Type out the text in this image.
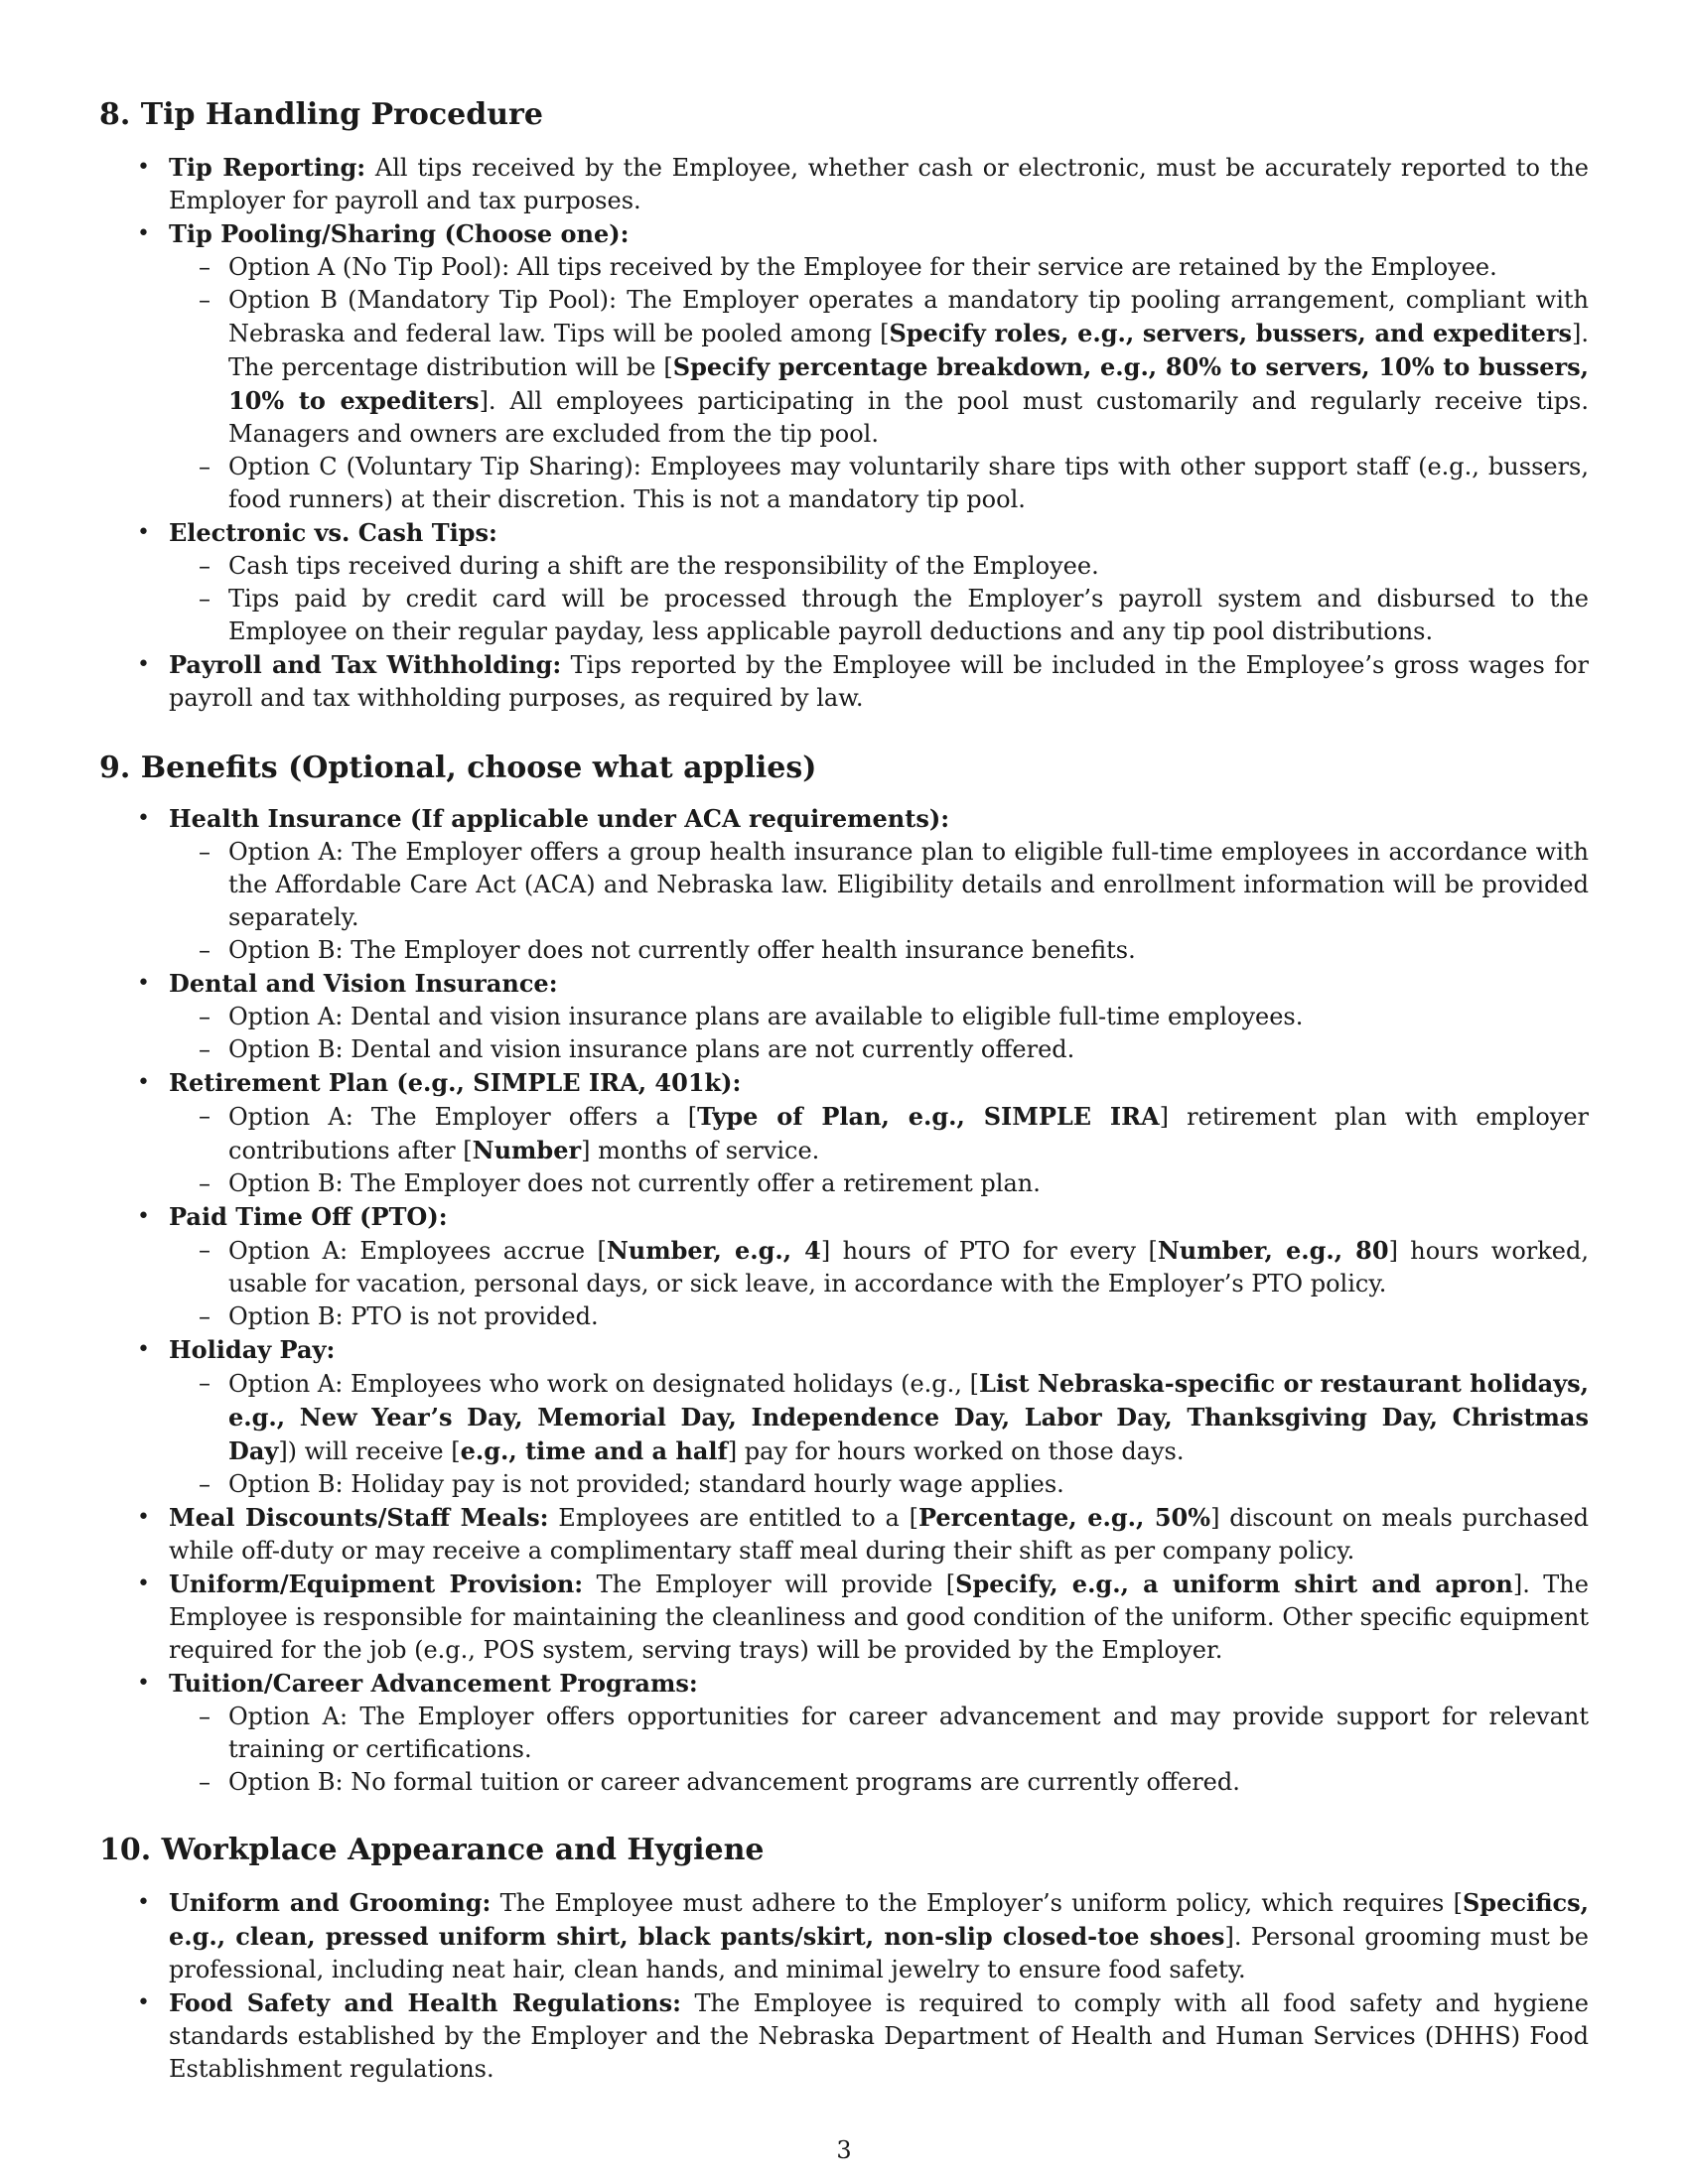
8. Tip Handling Procedure
• Tip Reporting: All tips received by the Employee, whether cash or electronic, must be accurately reported to the Employer for payroll and tax purposes.
• Tip Pooling/Sharing (Choose one):
– Option A (No Tip Pool): All tips received by the Employee for their service are retained by the Employee.
– Option B (Mandatory Tip Pool): The Employer operates a mandatory tip pooling arrangement, compliant with Nebraska and federal law. Tips will be pooled among [Specify roles, e.g., servers, bussers, and expediters]. The percentage distribution will be [Specify percentage breakdown, e.g., 80% to servers, 10% to bussers, 10% to expediters]. All employees participating in the pool must customarily and regularly receive tips. Managers and owners are excluded from the tip pool.
– Option C (Voluntary Tip Sharing): Employees may voluntarily share tips with other support staff (e.g., bussers, food runners) at their discretion. This is not a mandatory tip pool.
• Electronic vs. Cash Tips:
– Cash tips received during a shift are the responsibility of the Employee.
– Tips paid by credit card will be processed through the Employer’s payroll system and disbursed to the Employee on their regular payday, less applicable payroll deductions and any tip pool distributions.
• Payroll and Tax Withholding: Tips reported by the Employee will be included in the Employee’s gross wages for payroll and tax withholding purposes, as required by law.
9. Benefits (Optional, choose what applies)
• Health Insurance (If applicable under ACA requirements):
– Option A: The Employer offers a group health insurance plan to eligible full-time employees in accordance with the Affordable Care Act (ACA) and Nebraska law. Eligibility details and enrollment information will be provided separately.
– Option B: The Employer does not currently offer health insurance benefits.
• Dental and Vision Insurance:
– Option A: Dental and vision insurance plans are available to eligible full-time employees.
– Option B: Dental and vision insurance plans are not currently offered.
• Retirement Plan (e.g., SIMPLE IRA, 401k):
– Option A: The Employer offers a [Type of Plan, e.g., SIMPLE IRA] retirement plan with employer contributions after [Number] months of service.
– Option B: The Employer does not currently offer a retirement plan.
• Paid Time Off (PTO):
– Option A: Employees accrue [Number, e.g., 4] hours of PTO for every [Number, e.g., 80] hours worked, usable for vacation, personal days, or sick leave, in accordance with the Employer’s PTO policy.
– Option B: PTO is not provided.
• Holiday Pay:
– Option A: Employees who work on designated holidays (e.g., [List Nebraska-specific or restaurant holidays, e.g., New Year’s Day, Memorial Day, Independence Day, Labor Day, Thanksgiving Day, Christmas Day]) will receive [e.g., time and a half] pay for hours worked on those days.
– Option B: Holiday pay is not provided; standard hourly wage applies.
• Meal Discounts/Staff Meals: Employees are entitled to a [Percentage, e.g., 50%] discount on meals purchased while off-duty or may receive a complimentary staff meal during their shift as per company policy.
• Uniform/Equipment Provision: The Employer will provide [Specify, e.g., a uniform shirt and apron]. The Employee is responsible for maintaining the cleanliness and good condition of the uniform. Other specific equipment required for the job (e.g., POS system, serving trays) will be provided by the Employer.
• Tuition/Career Advancement Programs:
– Option A: The Employer offers opportunities for career advancement and may provide support for relevant training or certifications.
– Option B: No formal tuition or career advancement programs are currently offered.
10. Workplace Appearance and Hygiene
• Uniform and Grooming: The Employee must adhere to the Employer’s uniform policy, which requires [Specifics, e.g., clean, pressed uniform shirt, black pants/skirt, non-slip closed-toe shoes]. Personal grooming must be professional, including neat hair, clean hands, and minimal jewelry to ensure food safety.
• Food Safety and Health Regulations: The Employee is required to comply with all food safety and hygiene standards established by the Employer and the Nebraska Department of Health and Human Services (DHHS) Food Establishment regulations.
3
